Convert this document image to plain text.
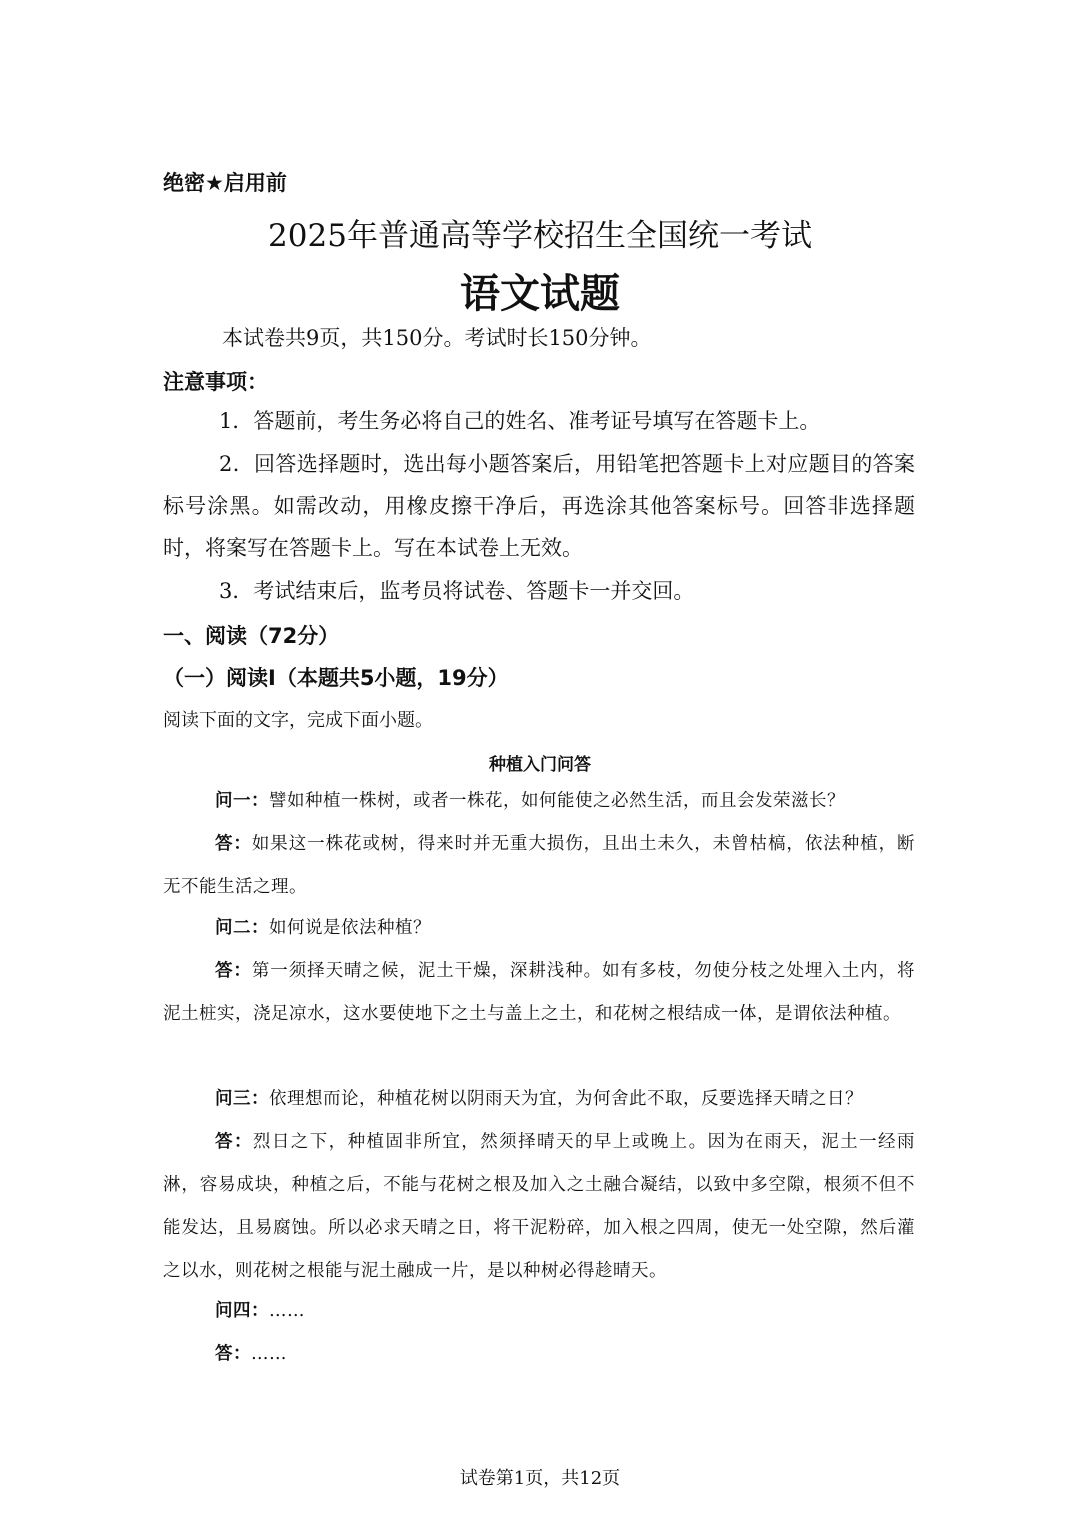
绝密★启用前
2025年普通高等学校招生全国统一考试
语文试题
本试卷共9页，共150分。考试时长150分钟。
注意事项：
1．答题前，考生务必将自己的姓名、准考证号填写在答题卡上。
2．回答选择题时，选出每小题答案后，用铅笔把答题卡上对应题目的答案标号涂黑。如需改动，用橡皮擦干净后，再选涂其他答案标号。回答非选择题时，将案写在答题卡上。写在本试卷上无效。
3．考试结束后，监考员将试卷、答题卡一并交回。
一、阅读（72分）
（一）阅读I（本题共5小题，19分）
阅读下面的文字，完成下面小题。
种植入门问答
问一：譬如种植一株树，或者一株花，如何能使之必然生活，而且会发荣滋长？
答：如果这一株花或树，得来时并无重大损伤，且出土未久，未曾枯槁，依法种植，断无不能生活之理。
问二：如何说是依法种植？
答：第一须择天晴之候，泥土干燥，深耕浅种。如有多枝，勿使分枝之处埋入土内，将泥土桩实，浇足凉水，这水要使地下之土与盖上之土，和花树之根结成一体，是谓依法种植。
问三：依理想而论，种植花树以阴雨天为宜，为何舍此不取，反要选择天晴之日？
答：烈日之下，种植固非所宜，然须择晴天的早上或晚上。因为在雨天，泥土一经雨淋，容易成块，种植之后，不能与花树之根及加入之土融合凝结，以致中多空隙，根须不但不能发达，且易腐蚀。所以必求天晴之日，将干泥粉碎，加入根之四周，使无一处空隙，然后灌之以水，则花树之根能与泥土融成一片，是以种树必得趁晴天。
问四：……
答：……
试卷第1页，共12页
